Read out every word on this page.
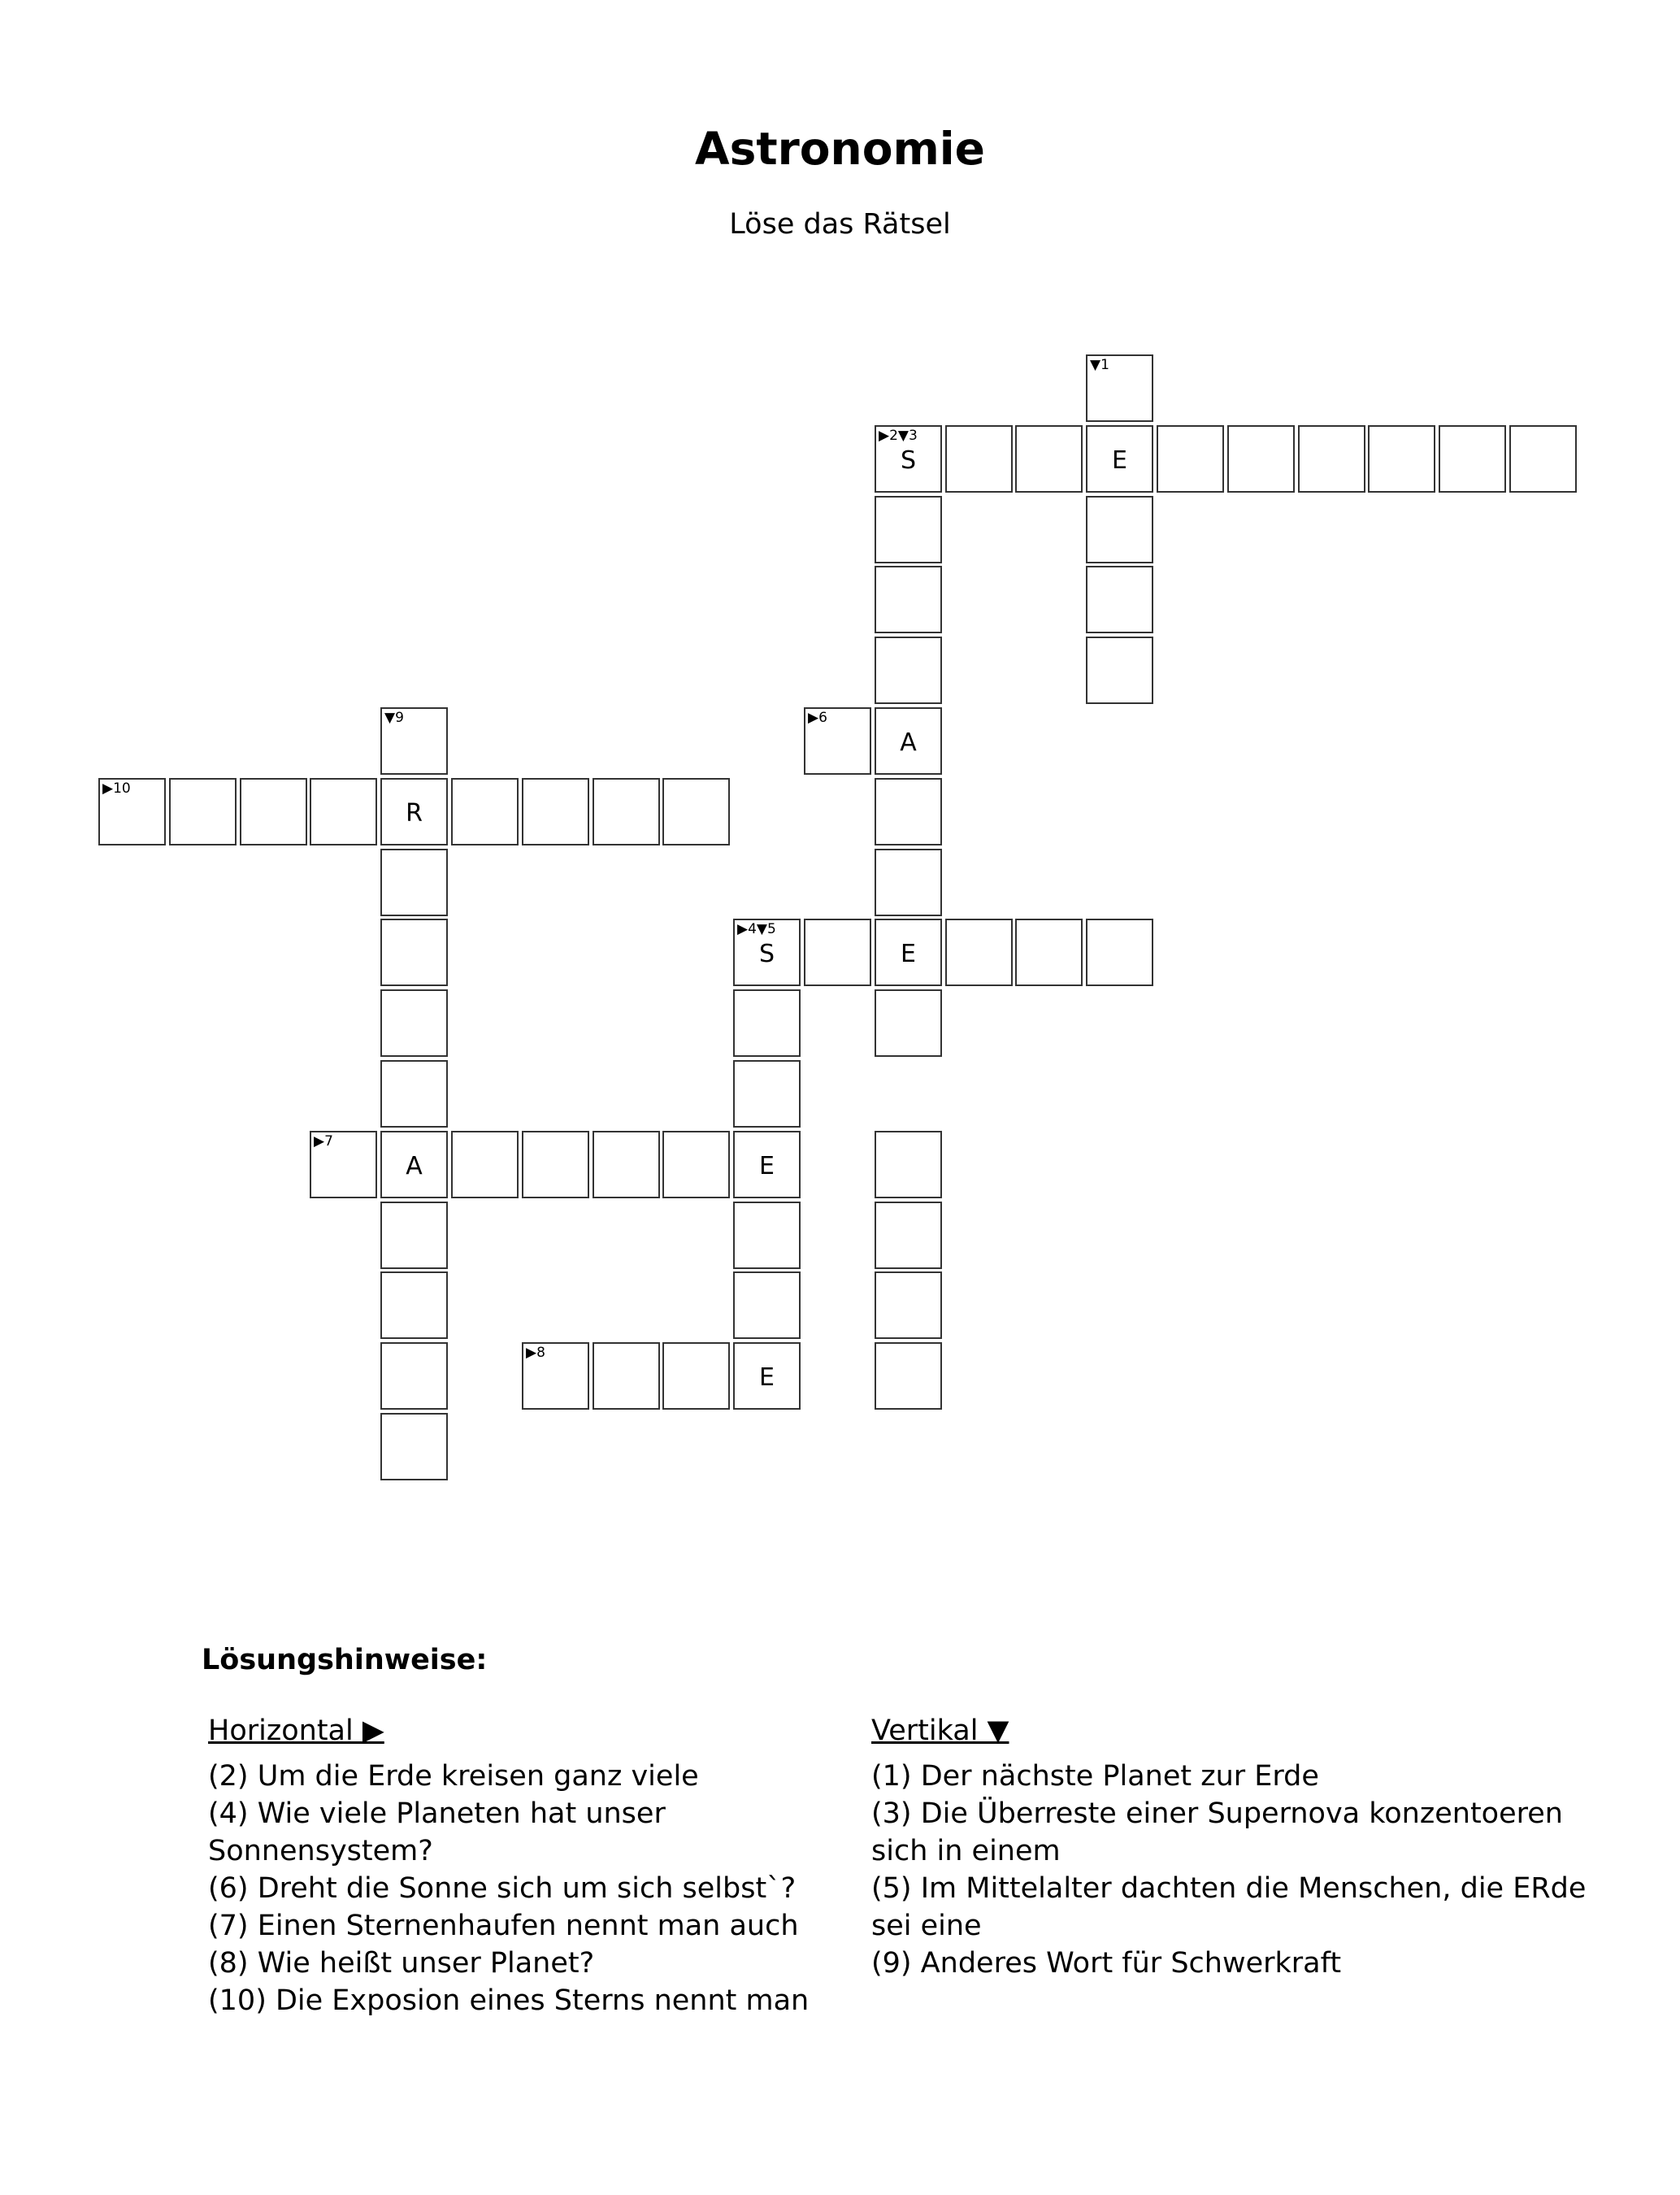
Astronomie
Löse das Rätsel
▼1
▶2▼3
S	E
▼9	▶6
A
▶10
R
▶4▼5
S	E
▶7
A	E
▶8
E
Lösungshinweise:
Horizontal ▶
(2) Um die Erde kreisen ganz viele
(4) Wie viele Planeten hat unser Sonnensystem?
(6) Dreht die Sonne sich um sich selbst`?
(7) Einen Sternenhaufen nennt man auch
(8) Wie heißt unser Planet?
(10) Die Exposion eines Sterns nennt man
Vertikal ▼
(1) Der nächste Planet zur Erde
(3) Die Überreste einer Supernova konzentoeren sich in einem
(5) Im Mittelalter dachten die Menschen, die ERde sei eine
(9) Anderes Wort für Schwerkraft
